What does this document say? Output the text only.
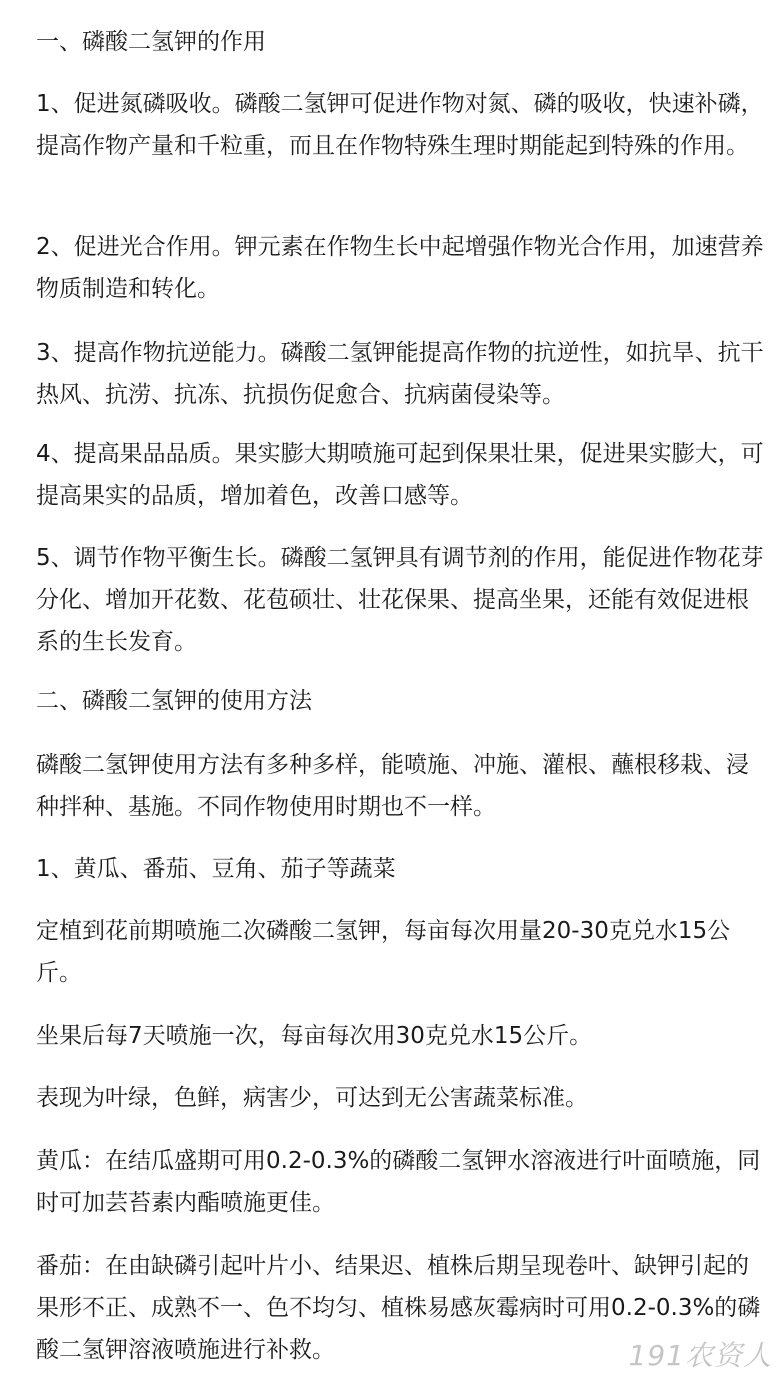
一、磷酸二氢钾的作用

1、促进氮磷吸收。磷酸二氢钾可促进作物对氮、磷的吸收，快速补磷，提高作物产量和千粒重，而且在作物特殊生理时期能起到特殊的作用。

2、促进光合作用。钾元素在作物生长中起增强作物光合作用，加速营养物质制造和转化。

3、提高作物抗逆能力。磷酸二氢钾能提高作物的抗逆性，如抗旱、抗干热风、抗涝、抗冻、抗损伤促愈合、抗病菌侵染等。

4、提高果品品质。果实膨大期喷施可起到保果壮果，促进果实膨大，可提高果实的品质，增加着色，改善口感等。

5、调节作物平衡生长。磷酸二氢钾具有调节剂的作用，能促进作物花芽分化、增加开花数、花苞硕壮、壮花保果、提高坐果，还能有效促进根系的生长发育。

二、磷酸二氢钾的使用方法

磷酸二氢钾使用方法有多种多样，能喷施、冲施、灌根、蘸根移栽、浸种拌种、基施。不同作物使用时期也不一样。

1、黄瓜、番茄、豆角、茄子等蔬菜

定植到花前期喷施二次磷酸二氢钾，每亩每次用量20-30克兑水15公斤。

坐果后每7天喷施一次，每亩每次用30克兑水15公斤。

表现为叶绿，色鲜，病害少，可达到无公害蔬菜标准。

黄瓜：在结瓜盛期可用0.2-0.3%的磷酸二氢钾水溶液进行叶面喷施，同时可加芸苔素内酯喷施更佳。

番茄：在由缺磷引起叶片小、结果迟、植株后期呈现卷叶、缺钾引起的果形不正、成熟不一、色不均匀、植株易感灰霉病时可用0.2-0.3%的磷酸二氢钾溶液喷施进行补救。	191农资人
